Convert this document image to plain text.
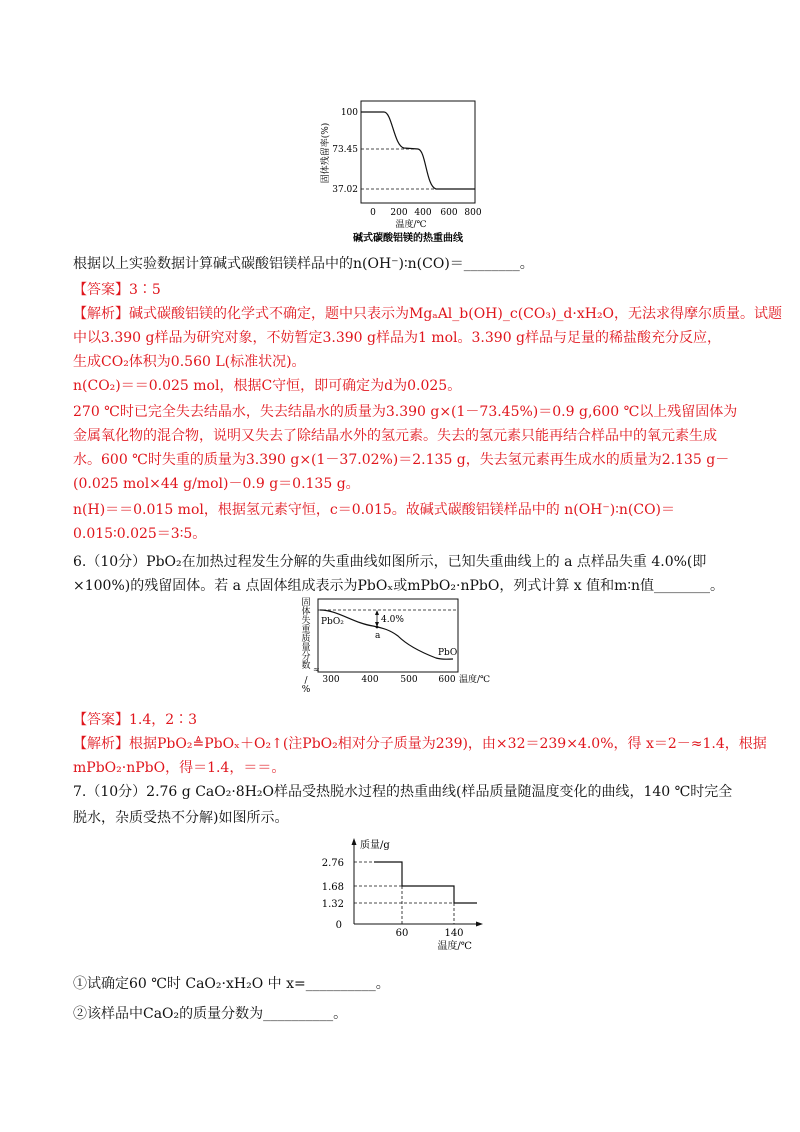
固体残留率(%)
100
73.45
37.02
0 200 400 600 800
温度/℃
碱式碳酸铝镁的热重曲线
根据以上实验数据计算碱式碳酸铝镁样品中的n(OH⁻)∶n(CO)＝________。
【答案】3∶5
【解析】碱式碳酸铝镁的化学式不确定，题中只表示为MgₐAl_b(OH)_c(CO₃)_d·xH₂O，无法求得摩尔质量。试题
中以3.390 g样品为研究对象，不妨暂定3.390 g样品为1 mol。3.390 g样品与足量的稀盐酸充分反应，
生成CO₂体积为0.560 L(标准状况)。
n(CO₂)＝＝0.025 mol，根据C守恒，即可确定为d为0.025。
270 ℃时已完全失去结晶水，失去结晶水的质量为3.390 g×(1－73.45%)＝0.9 g,600 ℃以上残留固体为
金属氧化物的混合物，说明又失去了除结晶水外的氢元素。失去的氢元素只能再结合样品中的氧元素生成
水。600 ℃时失重的质量为3.390 g×(1－37.02%)＝2.135 g，失去氢元素再生成水的质量为2.135 g－
(0.025 mol×44 g/mol)－0.9 g＝0.135 g。
n(H)＝＝0.015 mol，根据氢元素守恒，c＝0.015。故碱式碳酸铝镁样品中的 n(OH⁻)∶n(CO)＝
0.015∶0.025＝3∶5。
6.（10分）PbO₂在加热过程发生分解的失重曲线如图所示，已知失重曲线上的 a 点样品失重 4.0%(即
×100%)的残留固体。若 a 点固体组成表示为PbOₓ或mPbO₂·nPbO，列式计算 x 值和m∶n值________。
固
体
失
重
质
量
分
数
/
%
PbO₂	4.0%
a
PbO
≈
300 400 500 600 温度/℃
【答案】1.4，2∶3
【解析】根据PbO₂≜PbOₓ＋O₂↑(注PbO₂相对分子质量为239)，由×32＝239×4.0%，得 x＝2－≈1.4，根据
mPbO₂·nPbO，得＝1.4，＝＝。
7.（10分）2.76 g CaO₂·8H₂O样品受热脱水过程的热重曲线(样品质量随温度变化的曲线，140 ℃时完全
脱水，杂质受热不分解)如图所示。
质量/g
2.76
1.68
1.32
0
60	140
温度/℃
①试确定60 ℃时 CaO₂·xH₂O 中 x=__________。
②该样品中CaO₂的质量分数为__________。
